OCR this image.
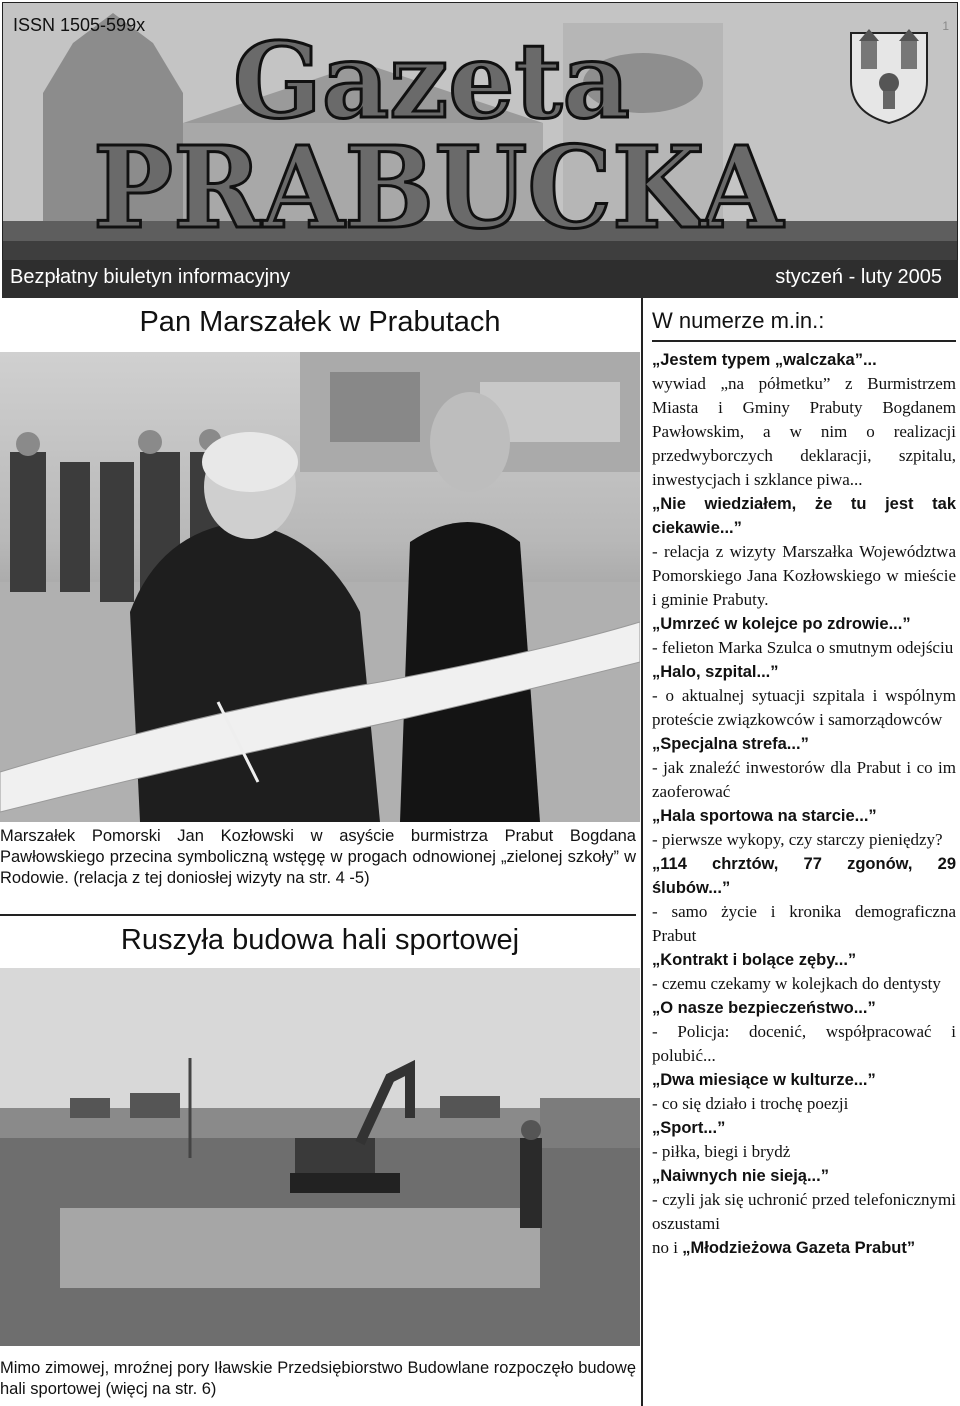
ISSN 1505-599x	1
Gazeta
PRABUCKA
Bezpłatny biuletyn informacyjny	styczeń - luty 2005
Pan Marszałek w Prabutach
Marszałek Pomorski Jan Kozłowski w asyście burmistrza Prabut Bogdana Pawłowskiego przecina symboliczną wstęgę w progach odnowionej „zielonej szkoły” w Rodowie. (relacja z tej doniosłej wizyty na str. 4 -5)
Ruszyła budowa hali sportowej
Mimo zimowej, mroźnej pory Iławskie Przedsiębiorstwo Budowlane rozpoczęło budowę hali sportowej (więcj na str. 6)
W numerze m.in.:
„Jestem typem „walczaka”...
wywiad „na półmetku” z Burmistrzem Miasta i Gminy Prabuty Bogdanem Pawłowskim, a w nim o realizacji przedwyborczych deklaracji, szpitalu, inwestycjach i szklance piwa...
„Nie wiedziałem, że tu jest tak ciekawie...”
- relacja z wizyty Marszałka Województwa Pomorskiego Jana Kozłowskiego w mieście i gminie Prabuty.
„Umrzeć w kolejce po zdrowie...”
- felieton Marka Szulca o smutnym odejściu
„Halo, szpital...”
- o aktualnej sytuacji szpitala i wspólnym proteście związkowców i samorządowców
„Specjalna strefa...”
- jak znaleźć inwestorów dla Prabut i co im zaoferować
„Hala sportowa na starcie...”
- pierwsze wykopy, czy starczy pieniędzy?
„114 chrztów, 77 zgonów, 29 ślubów...”
- samo życie i kronika demograficzna Prabut
„Kontrakt i bolące zęby...”
- czemu czekamy w kolejkach do dentysty
„O nasze bezpieczeństwo...”
- Policja: docenić, współpracować i polubić...
„Dwa miesiące w kulturze...”
- co się działo i trochę poezji
„Sport...”
- piłka, biegi i brydż
„Naiwnych nie sieją...”
- czyli jak się uchronić przed telefonicznymi oszustami
no i „Młodzieżowa Gazeta Prabut”
